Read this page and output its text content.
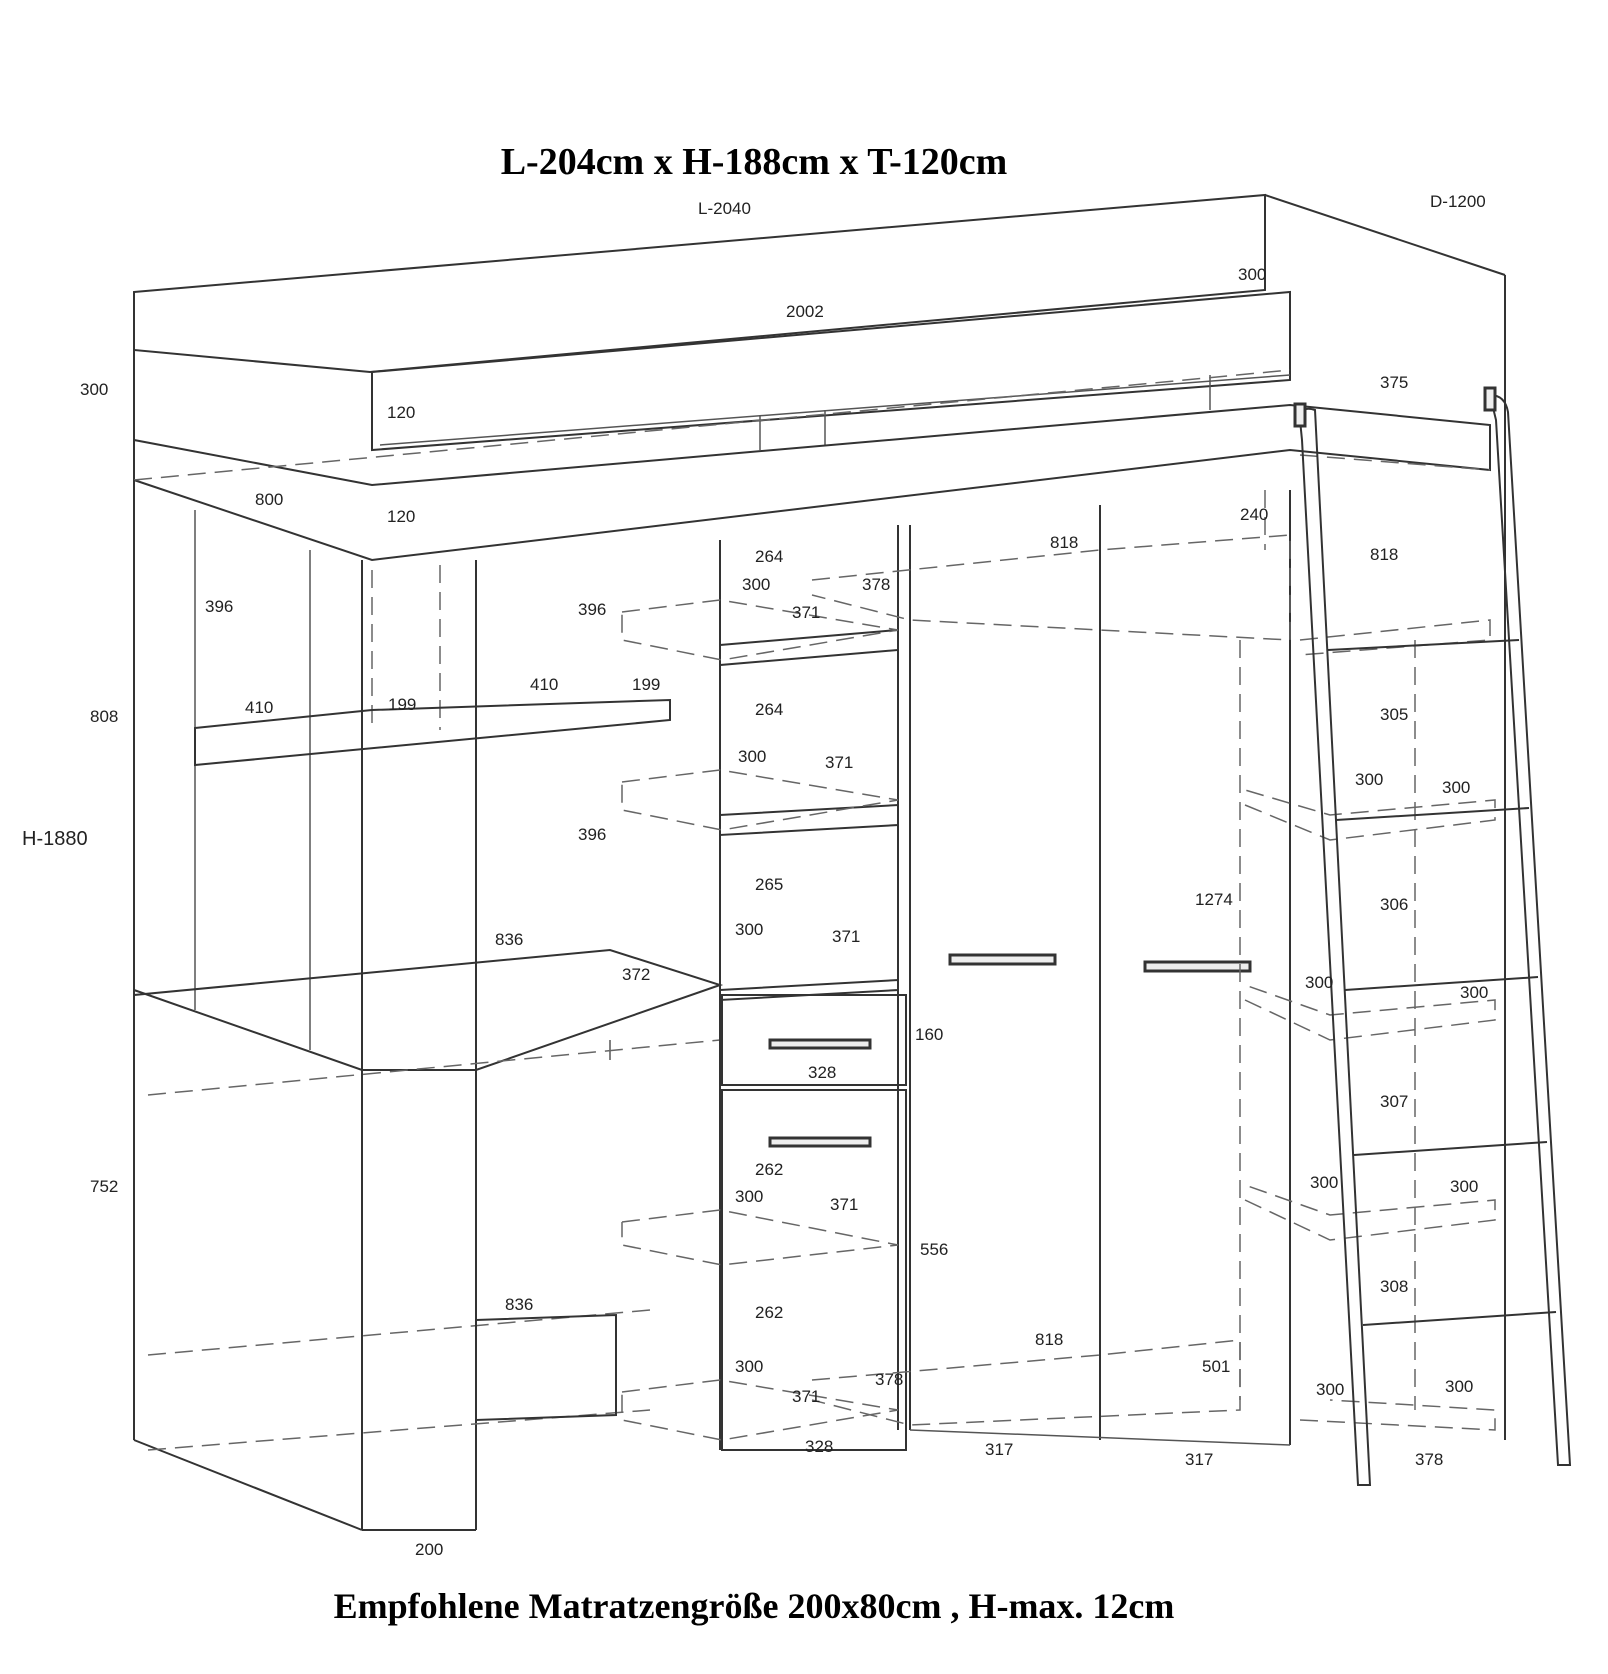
L-204cm x H-188cm x T-120cm
L-2040	D-1200
H-1880
2002
300
300
120
120
800
375
240
808
752
396
410	199
410	199
396
396
836
372
836
200
264
300
371
378
264
300	371
265
300	371
160
328
262
300	371
556
262
300
371
378
328	317
317
818
818
1274
501
818
305
300	300
306
300
300
307
300	300
308
300	300
378
Empfohlene Matratzengröße 200x80cm , H-max. 12cm
